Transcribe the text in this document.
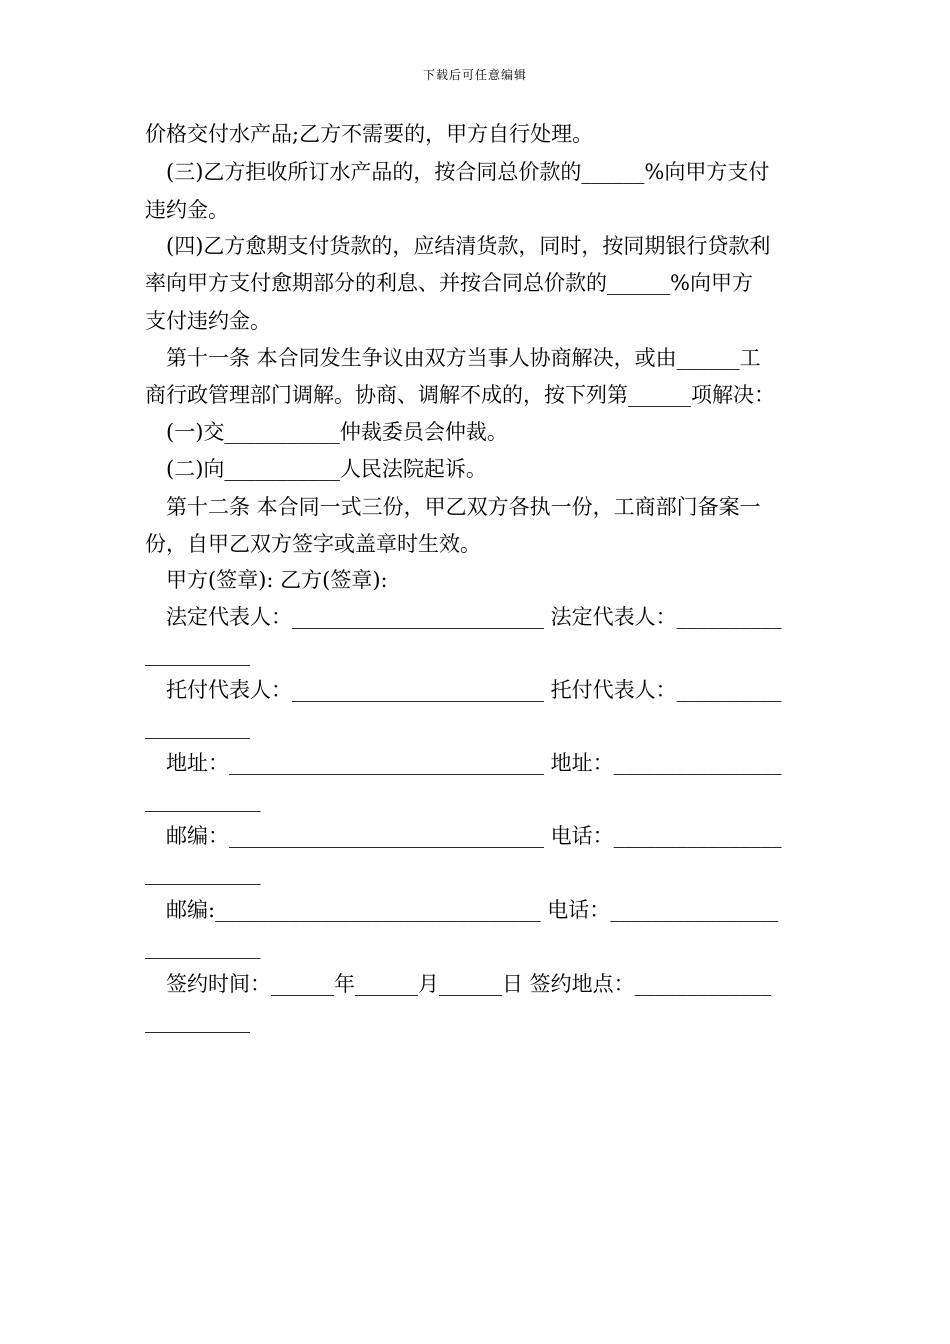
下载后可任意编辑
价格交付水产品;乙方不需要的，甲方自行处理。
(三)乙方拒收所订水产品的，按合同总价款的______%向甲方支付
违约金。
(四)乙方愈期支付货款的，应结清货款，同时，按同期银行贷款利
率向甲方支付愈期部分的利息、并按合同总价款的______%向甲方
支付违约金。
第十一条 本合同发生争议由双方当事人协商解决，或由______工
商行政管理部门调解。协商、调解不成的，按下列第______项解决：
(一)交___________仲裁委员会仲裁。
(二)向___________人民法院起诉。
第十二条 本合同一式三份，甲乙双方各执一份，工商部门备案一
份，自甲乙双方签字或盖章时生效。
甲方(签章): 乙方(签章):
法定代表人：________________________ 法定代表人：__________
__________
托付代表人：________________________ 托付代表人：__________
__________
地址：______________________________ 地址：________________
___________
邮编：______________________________ 电话：________________
___________
邮编:_______________________________ 电话：________________
___________
签约时间：______年______月______日 签约地点：_____________
__________
